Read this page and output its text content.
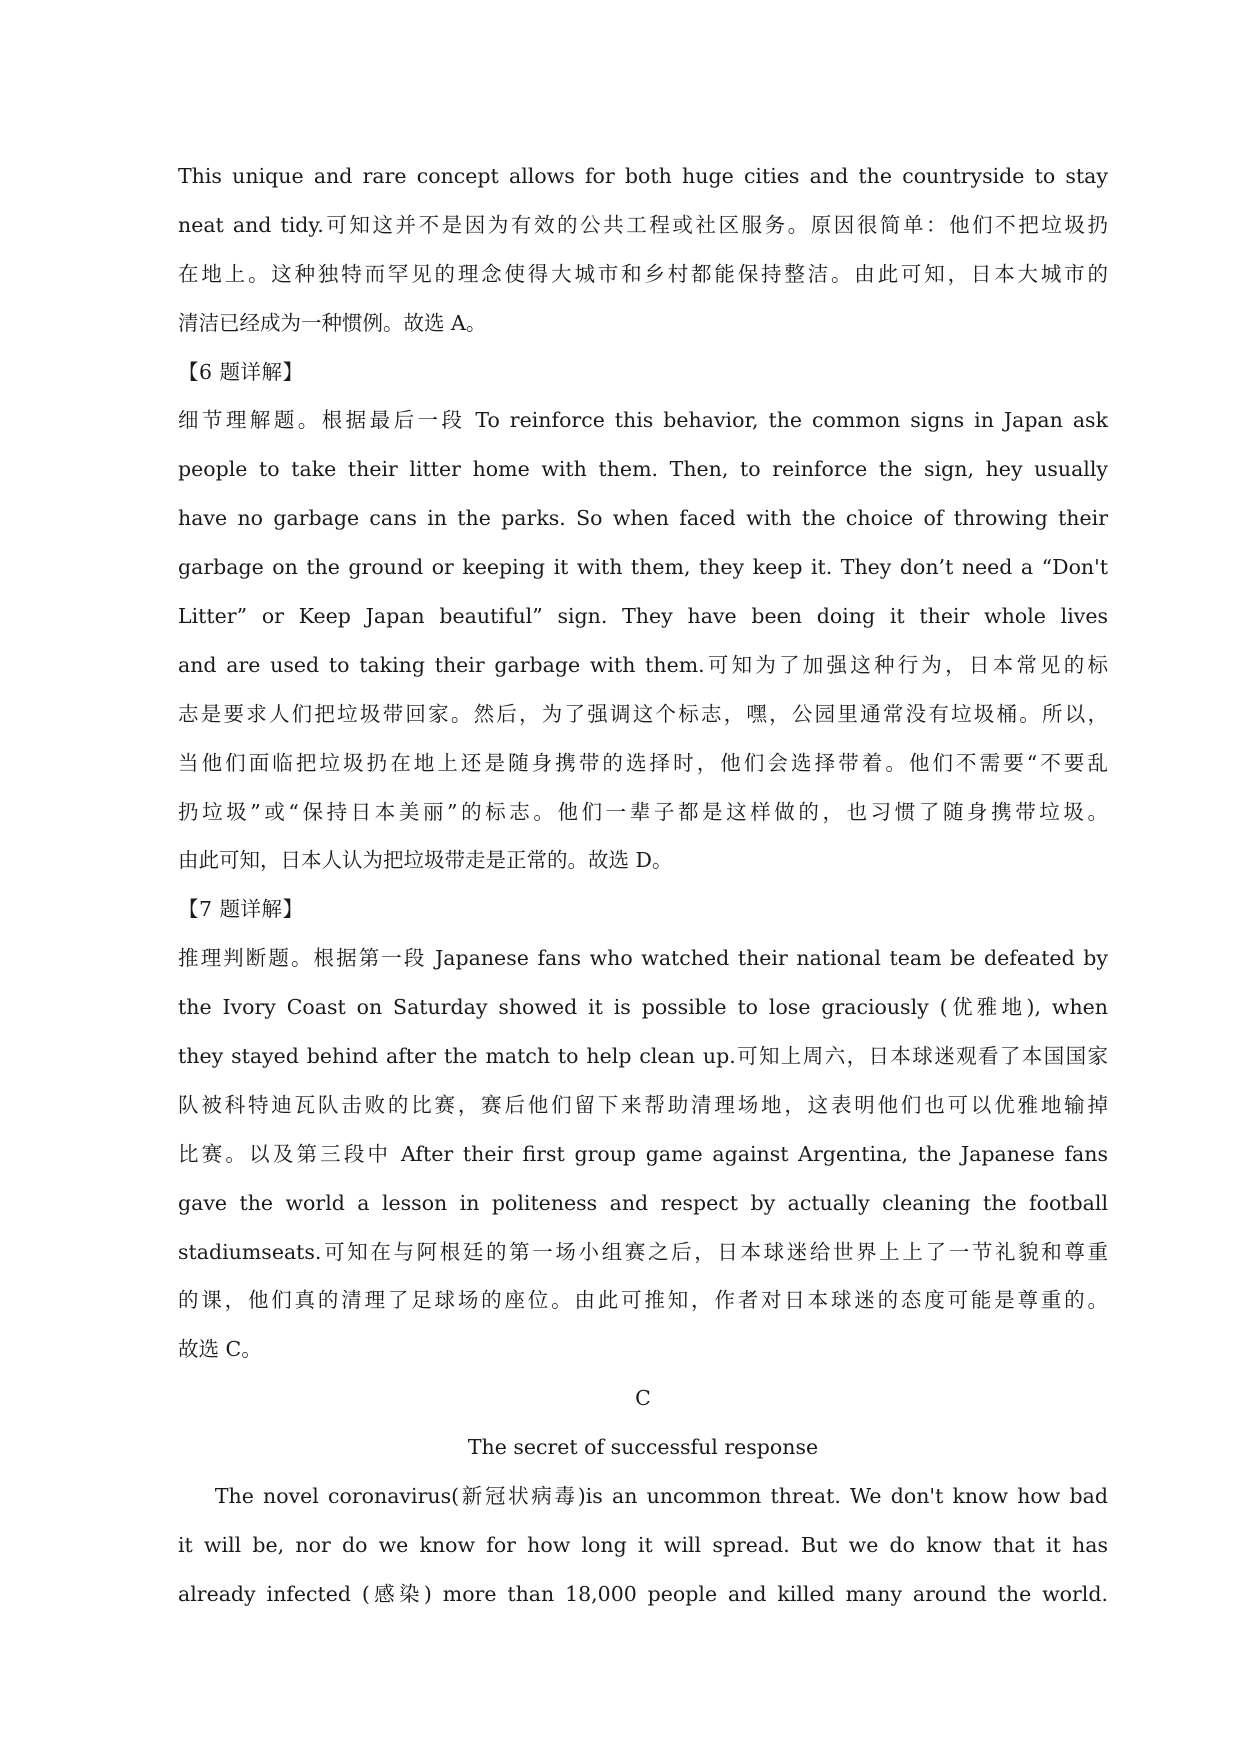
This unique and rare concept allows for both huge cities and the countryside to stay
neat and tidy.可知这并不是因为有效的公共工程或社区服务。原因很简单：他们不把垃圾扔
在地上。这种独特而罕见的理念使得大城市和乡村都能保持整洁。由此可知，日本大城市的
清洁已经成为一种惯例。故选 A。
【6 题详解】
细节理解题。根据最后一段 To reinforce this behavior, the common signs in Japan ask
people to take their litter home with them. Then, to reinforce the sign, hey usually
have no garbage cans in the parks. So when faced with the choice of throwing their
garbage on the ground or keeping it with them, they keep it. They don’t need a “Don't
Litter” or Keep Japan beautiful” sign. They have been doing it their whole lives
and are used to taking their garbage with them.可知为了加强这种行为，日本常见的标
志是要求人们把垃圾带回家。然后，为了强调这个标志，嘿，公园里通常没有垃圾桶。所以，
当他们面临把垃圾扔在地上还是随身携带的选择时，他们会选择带着。他们不需要“不要乱
扔垃圾”或“保持日本美丽”的标志。他们一辈子都是这样做的，也习惯了随身携带垃圾。
由此可知，日本人认为把垃圾带走是正常的。故选 D。
【7 题详解】
推理判断题。根据第一段 Japanese fans who watched their national team be defeated by
the Ivory Coast on Saturday showed it is possible to lose graciously (优雅地), when
they stayed behind after the match to help clean up.可知上周六，日本球迷观看了本国国家
队被科特迪瓦队击败的比赛，赛后他们留下来帮助清理场地，这表明他们也可以优雅地输掉
比赛。以及第三段中 After their first group game against Argentina, the Japanese fans
gave the world a lesson in politeness and respect by actually cleaning the football
stadiumseats.可知在与阿根廷的第一场小组赛之后，日本球迷给世界上上了一节礼貌和尊重
的课，他们真的清理了足球场的座位。由此可推知，作者对日本球迷的态度可能是尊重的。
故选 C。
C
The secret of successful response
The novel coronavirus(新冠状病毒)is an uncommon threat. We don't know how bad
it will be, nor do we know for how long it will spread. But we do know that it has
already infected (感染) more than 18,000 people and killed many around the world.
